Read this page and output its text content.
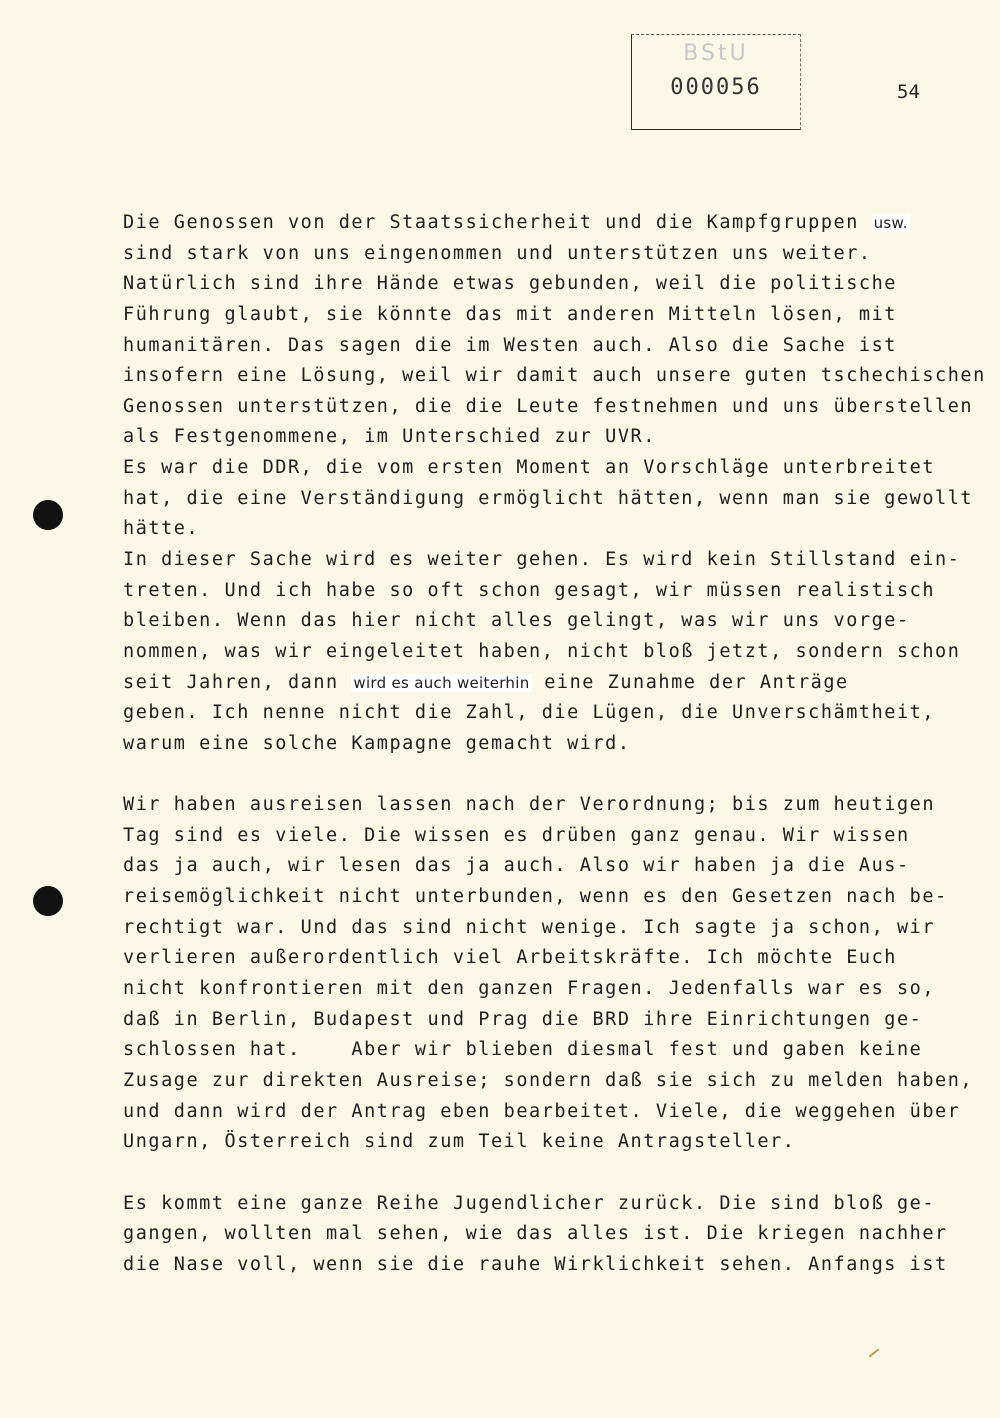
BStU
000056	54
Die Genossen von der Staatssicherheit und die Kampfgruppen usw.
sind stark von uns eingenommen und unterstützen uns weiter.
Natürlich sind ihre Hände etwas gebunden, weil die politische
Führung glaubt, sie könnte das mit anderen Mitteln lösen, mit
humanitären. Das sagen die im Westen auch. Also die Sache ist
insofern eine Lösung, weil wir damit auch unsere guten tschechischen
Genossen unterstützen, die die Leute festnehmen und uns überstellen
als Festgenommene, im Unterschied zur UVR.
Es war die DDR, die vom ersten Moment an Vorschläge unterbreitet
hat, die eine Verständigung ermöglicht hätten, wenn man sie gewollt
hätte.
In dieser Sache wird es weiter gehen. Es wird kein Stillstand ein-
treten. Und ich habe so oft schon gesagt, wir müssen realistisch
bleiben. Wenn das hier nicht alles gelingt, was wir uns vorge-
nommen, was wir eingeleitet haben, nicht bloß jetzt, sondern schon
seit Jahren, dann wird es auch weiterhin eine Zunahme der Anträge
geben. Ich nenne nicht die Zahl, die Lügen, die Unverschämtheit,
warum eine solche Kampagne gemacht wird.
Wir haben ausreisen lassen nach der Verordnung; bis zum heutigen
Tag sind es viele. Die wissen es drüben ganz genau. Wir wissen
das ja auch, wir lesen das ja auch. Also wir haben ja die Aus-
reisemöglichkeit nicht unterbunden, wenn es den Gesetzen nach be-
rechtigt war. Und das sind nicht wenige. Ich sagte ja schon, wir
verlieren außerordentlich viel Arbeitskräfte. Ich möchte Euch
nicht konfrontieren mit den ganzen Fragen. Jedenfalls war es so,
daß in Berlin, Budapest und Prag die BRD ihre Einrichtungen ge-
schlossen hat.    Aber wir blieben diesmal fest und gaben keine
Zusage zur direkten Ausreise; sondern daß sie sich zu melden haben,
und dann wird der Antrag eben bearbeitet. Viele, die weggehen über
Ungarn, Österreich sind zum Teil keine Antragsteller.
Es kommt eine ganze Reihe Jugendlicher zurück. Die sind bloß ge-
gangen, wollten mal sehen, wie das alles ist. Die kriegen nachher
die Nase voll, wenn sie die rauhe Wirklichkeit sehen. Anfangs ist
